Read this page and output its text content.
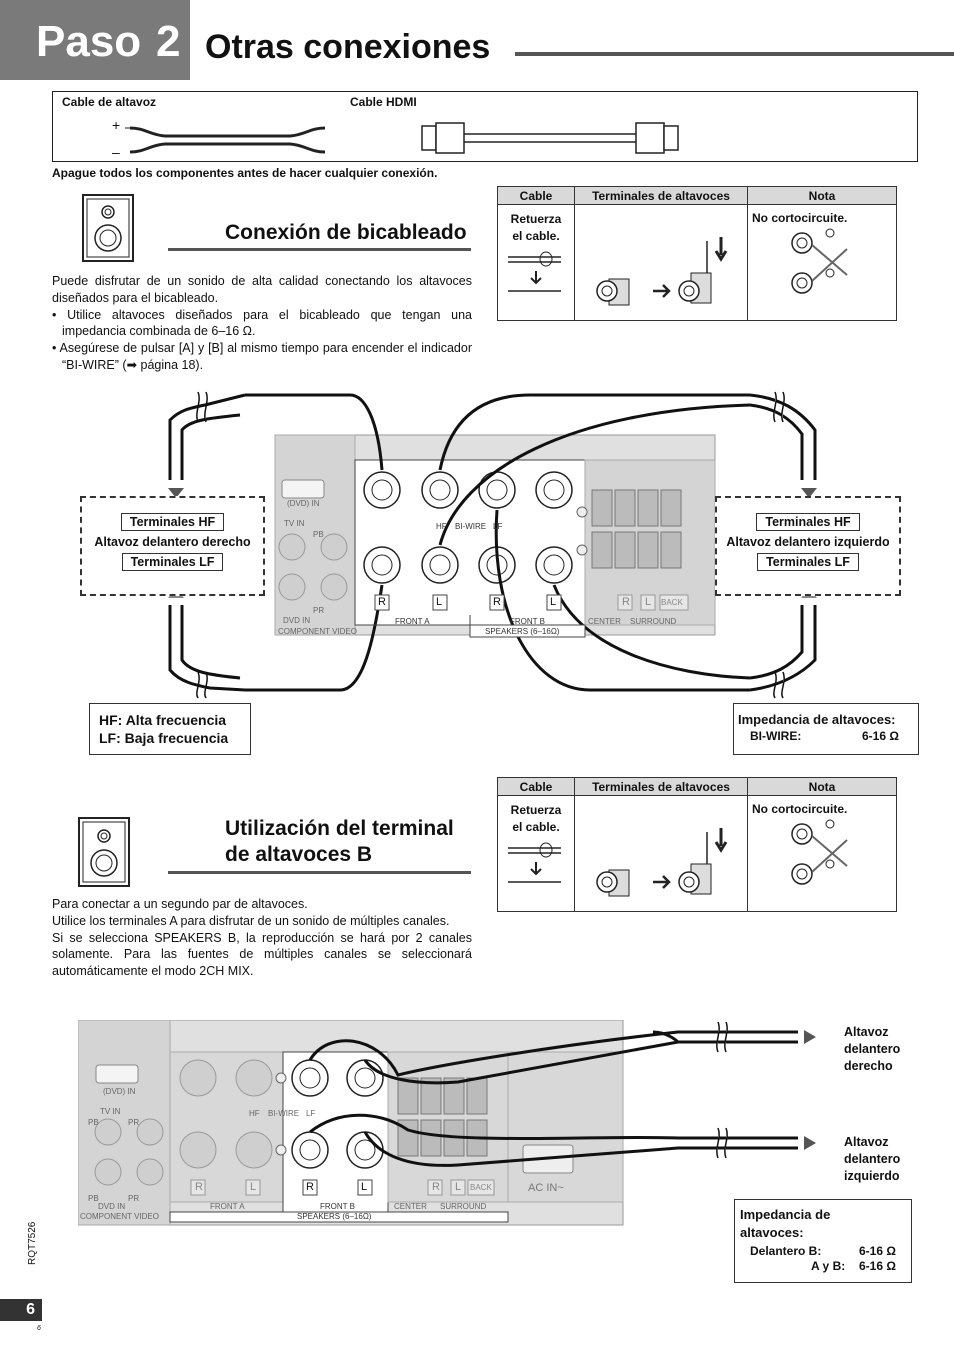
Paso 2 Otras conexiones
Cable de altavoz	Cable HDMI
+
–
Apague todos los componentes antes de hacer cualquier conexión.
Conexión de bicableado

Puede disfrutar de un sonido de alta calidad conectando los altavoces diseñados para el bicableado.

• Utilice altavoces diseñados para el bicableado que tengan una impedancia combinada de 6–16 Ω.

• Asegúrese de pulsar [A] y [B] al mismo tiempo para encender el indicador “BI-WIRE” (➡ página 18).

Cable	Terminales de altavoces	Nota

Retuerza
el cable.		No cortocircuite.
(DVD) IN
TV IN
PB
PR
HF BI-WIRE LF
R	L	R	L	R L BACK
DVD IN
COMPONENT VIDEO
FRONT A	FRONT B
SPEAKERS (6–16Ω)
CENTER SURROUND
Terminales HF
Altavoz delantero derecho
Terminales LF
Terminales HF
Altavoz delantero izquierdo
Terminales LF
HF: Alta frecuencia
LF: Baja frecuencia
Impedancia de altavoces:
BI-WIRE:	6-16 Ω
Utilización del terminal
de altavoces B

Para conectar a un segundo par de altavoces.

Utilice los terminales A para disfrutar de un sonido de múltiples canales.

Si se selecciona SPEAKERS B, la reproducción se hará por 2 canales solamente. Para las fuentes de múltiples canales se seleccionará automáticamente el modo 2CH MIX.

Cable	Terminales de altavoces	Nota

Retuerza
el cable.		No cortocircuite.
(DVD) IN
TV IN
PB	PR
PB	PR
HF BI-WIRE LF
R	L	R	L	R L BACK	AC IN~
DVD IN
COMPONENT VIDEO
FRONT A	FRONT B
SPEAKERS (6–16Ω)
CENTER SURROUND
Altavoz
delantero
derecho
Altavoz
delantero
izquierdo
Impedancia de
altavoces:
Delantero B:	6-16 Ω
A y B: 6-16 Ω
RQT7526
6
6
